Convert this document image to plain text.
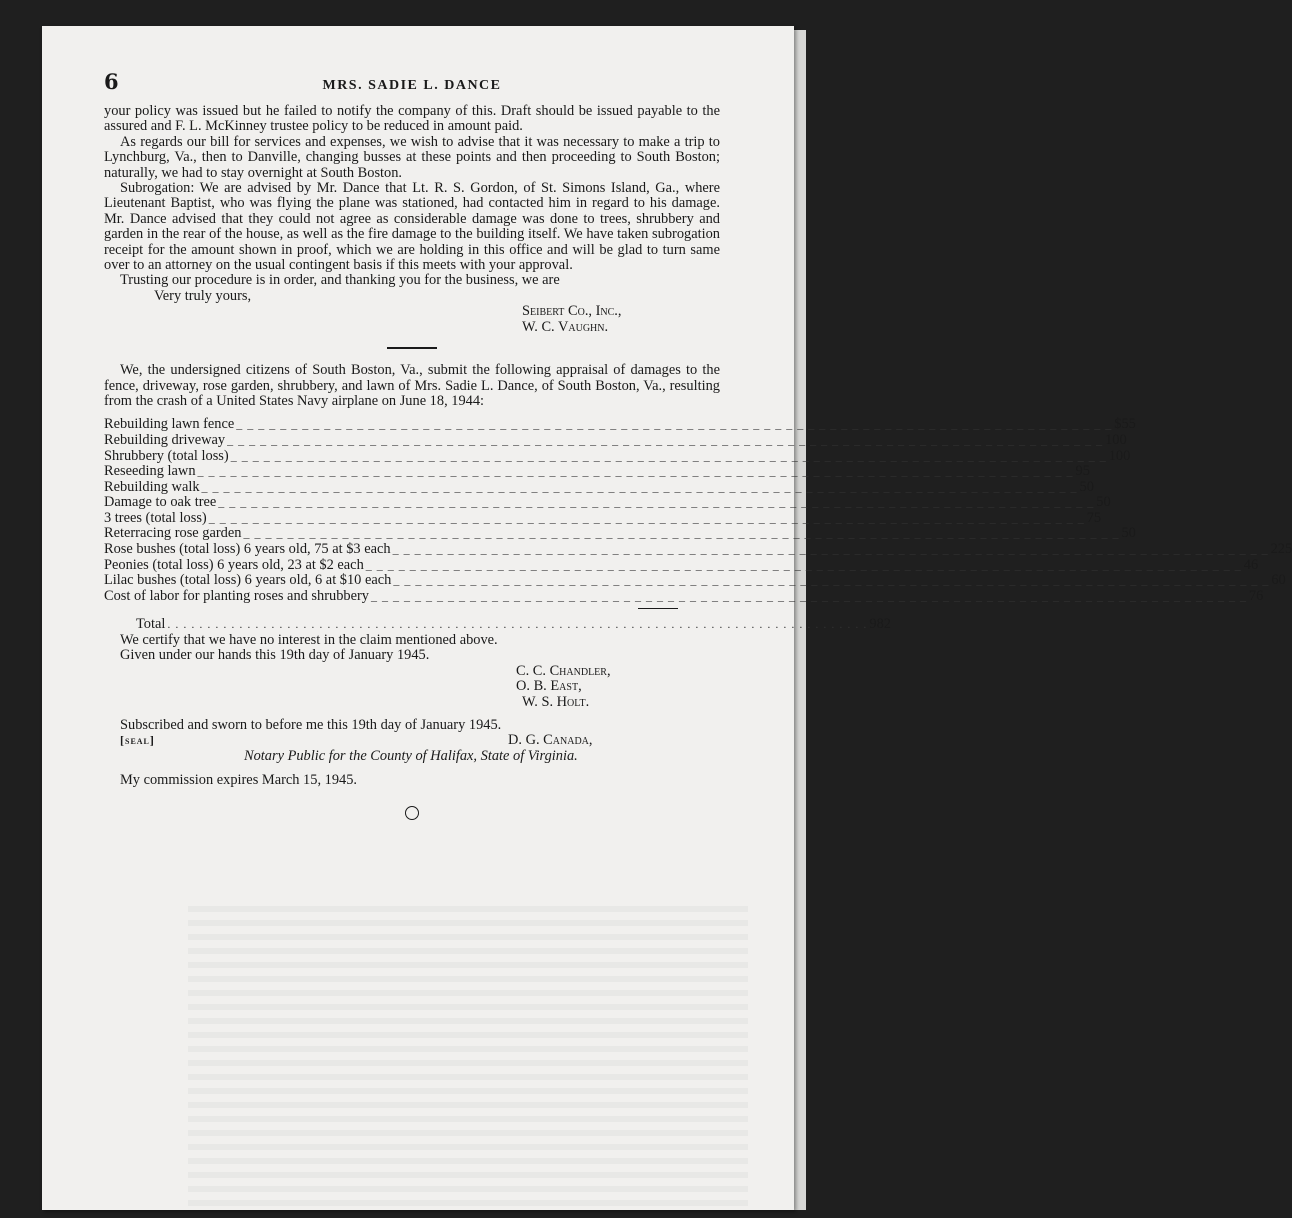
6	MRS. SADIE L. DANCE

your policy was issued but he failed to notify the company of this. Draft should be issued payable to the assured and F. L. McKinney trustee policy to be reduced in amount paid.

As regards our bill for services and expenses, we wish to advise that it was necessary to make a trip to Lynchburg, Va., then to Danville, changing busses at these points and then proceeding to South Boston; naturally, we had to stay overnight at South Boston.

Subrogation: We are advised by Mr. Dance that Lt. R. S. Gordon, of St. Simons Island, Ga., where Lieutenant Baptist, who was flying the plane was stationed, had contacted him in regard to his damage. Mr. Dance advised that they could not agree as considerable damage was done to trees, shrubbery and garden in the rear of the house, as well as the fire damage to the building itself. We have taken subrogation receipt for the amount shown in proof, which we are holding in this office and will be glad to turn same over to an attorney on the usual contingent basis if this meets with your approval.

Trusting our procedure is in order, and thanking you for the business, we are

Very truly yours,

Seibert Co., Inc.,
W. C. Vaughn.

We, the undersigned citizens of South Boston, Va., submit the following appraisal of damages to the fence, driveway, rose garden, shrubbery, and lawn of Mrs. Sadie L. Dance, of South Boston, Va., resulting from the crash of a United States Navy airplane on June 18, 1944:

Rebuilding lawn fence _ _ _ _ _ _ _ _ _ _ _ _ _ _ _ _ _ _ _ _ _ _ _ _ _ _ _ _ _ _ _ _ _ _ _ _ _ _ _ _ _ _ _ _ _ _ _ _ _ _ _ _ _ _ _ _ _ _ _ _ _ _ _ _ _ _ _ _ _ _ _ _ _ _ _ _ _ _ _ _ $55
Rebuilding driveway _ _ _ _ _ _ _ _ _ _ _ _ _ _ _ _ _ _ _ _ _ _ _ _ _ _ _ _ _ _ _ _ _ _ _ _ _ _ _ _ _ _ _ _ _ _ _ _ _ _ _ _ _ _ _ _ _ _ _ _ _ _ _ _ _ _ _ _ _ _ _ _ _ _ _ _ _ _ _ _ 100
Shrubbery (total loss) _ _ _ _ _ _ _ _ _ _ _ _ _ _ _ _ _ _ _ _ _ _ _ _ _ _ _ _ _ _ _ _ _ _ _ _ _ _ _ _ _ _ _ _ _ _ _ _ _ _ _ _ _ _ _ _ _ _ _ _ _ _ _ _ _ _ _ _ _ _ _ _ _ _ _ _ _ _ _ _ 100
Reseeding lawn _ _ _ _ _ _ _ _ _ _ _ _ _ _ _ _ _ _ _ _ _ _ _ _ _ _ _ _ _ _ _ _ _ _ _ _ _ _ _ _ _ _ _ _ _ _ _ _ _ _ _ _ _ _ _ _ _ _ _ _ _ _ _ _ _ _ _ _ _ _ _ _ _ _ _ _ _ _ _ _ 95
Rebuilding walk _ _ _ _ _ _ _ _ _ _ _ _ _ _ _ _ _ _ _ _ _ _ _ _ _ _ _ _ _ _ _ _ _ _ _ _ _ _ _ _ _ _ _ _ _ _ _ _ _ _ _ _ _ _ _ _ _ _ _ _ _ _ _ _ _ _ _ _ _ _ _ _ _ _ _ _ _ _ _ _ 50
Damage to oak tree _ _ _ _ _ _ _ _ _ _ _ _ _ _ _ _ _ _ _ _ _ _ _ _ _ _ _ _ _ _ _ _ _ _ _ _ _ _ _ _ _ _ _ _ _ _ _ _ _ _ _ _ _ _ _ _ _ _ _ _ _ _ _ _ _ _ _ _ _ _ _ _ _ _ _ _ _ _ _ _ 50
3 trees (total loss) _ _ _ _ _ _ _ _ _ _ _ _ _ _ _ _ _ _ _ _ _ _ _ _ _ _ _ _ _ _ _ _ _ _ _ _ _ _ _ _ _ _ _ _ _ _ _ _ _ _ _ _ _ _ _ _ _ _ _ _ _ _ _ _ _ _ _ _ _ _ _ _ _ _ _ _ _ _ _ _ 75
Reterracing rose garden _ _ _ _ _ _ _ _ _ _ _ _ _ _ _ _ _ _ _ _ _ _ _ _ _ _ _ _ _ _ _ _ _ _ _ _ _ _ _ _ _ _ _ _ _ _ _ _ _ _ _ _ _ _ _ _ _ _ _ _ _ _ _ _ _ _ _ _ _ _ _ _ _ _ _ _ _ _ _ _ 50
Rose bushes (total loss) 6 years old, 75 at $3 each _ _ _ _ _ _ _ _ _ _ _ _ _ _ _ _ _ _ _ _ _ _ _ _ _ _ _ _ _ _ _ _ _ _ _ _ _ _ _ _ _ _ _ _ _ _ _ _ _ _ _ _ _ _ _ _ _ _ _ _ _ _ _ _ _ _ _ _ _ _ _ _ _ _ _ _ _ _ _ _ 225
Peonies (total loss) 6 years old, 23 at $2 each _ _ _ _ _ _ _ _ _ _ _ _ _ _ _ _ _ _ _ _ _ _ _ _ _ _ _ _ _ _ _ _ _ _ _ _ _ _ _ _ _ _ _ _ _ _ _ _ _ _ _ _ _ _ _ _ _ _ _ _ _ _ _ _ _ _ _ _ _ _ _ _ _ _ _ _ _ _ _ _ 46
Lilac bushes (total loss) 6 years old, 6 at $10 each _ _ _ _ _ _ _ _ _ _ _ _ _ _ _ _ _ _ _ _ _ _ _ _ _ _ _ _ _ _ _ _ _ _ _ _ _ _ _ _ _ _ _ _ _ _ _ _ _ _ _ _ _ _ _ _ _ _ _ _ _ _ _ _ _ _ _ _ _ _ _ _ _ _ _ _ _ _ _ _ 60
Cost of labor for planting roses and shrubbery _ _ _ _ _ _ _ _ _ _ _ _ _ _ _ _ _ _ _ _ _ _ _ _ _ _ _ _ _ _ _ _ _ _ _ _ _ _ _ _ _ _ _ _ _ _ _ _ _ _ _ _ _ _ _ _ _ _ _ _ _ _ _ _ _ _ _ _ _ _ _ _ _ _ _ _ _ _ _ _ 76
Total . . . . . . . . . . . . . . . . . . . . . . . . . . . . . . . . . . . . . . . . . . . . . . . . . . . . . . . . . . . . . . . . . . . . . . . . . . . . . . . . . . . . . . . . 982
We certify that we have no interest in the claim mentioned above.
Given under our hands this 19th day of January 1945.
C. C. Chandler,
O. B. East,
W. S. Holt.
Subscribed and sworn to before me this 19th day of January 1945.
[seal]	D. G. Canada,
Notary Public for the County of Halifax, State of Virginia.
My commission expires March 15, 1945.
